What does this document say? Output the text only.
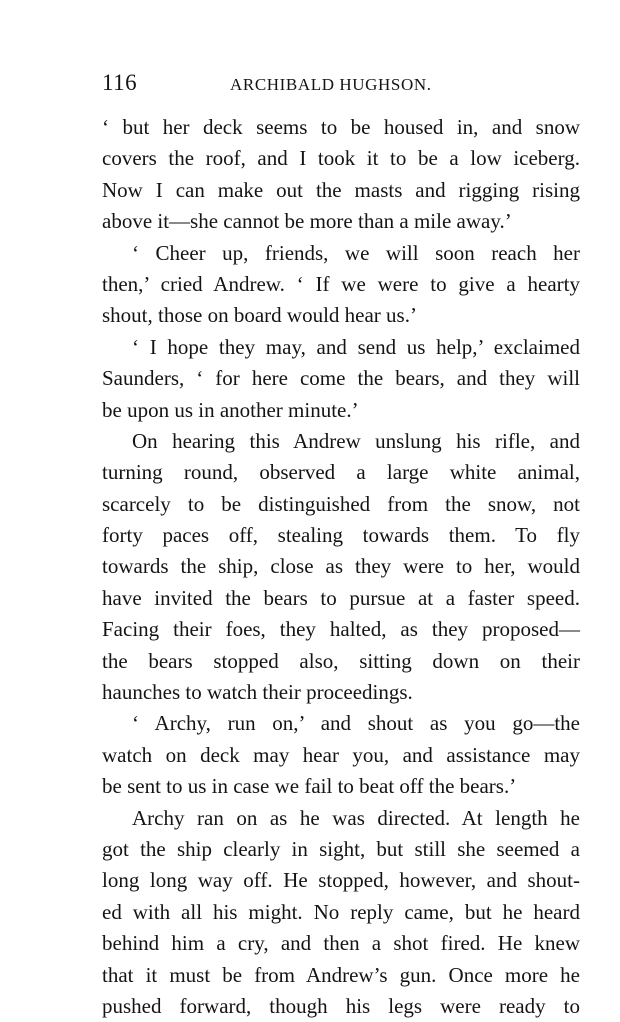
116	ARCHIBALD HUGHSON.
‘ but her deck seems to be housed in, and snow
covers the roof, and I took it to be a low iceberg.
Now I can make out the masts and rigging rising
above it—she cannot be more than a mile away.’
‘ Cheer up, friends, we will soon reach her
then,’ cried Andrew. ‘ If we were to give a hearty
shout, those on board would hear us.’
‘ I hope they may, and send us help,’ exclaimed
Saunders, ‘ for here come the bears, and they will
be upon us in another minute.’
On hearing this Andrew unslung his rifle, and
turning round, observed a large white animal,
scarcely to be distinguished from the snow, not
forty paces off, stealing towards them. To fly
towards the ship, close as they were to her, would
have invited the bears to pursue at a faster speed.
Facing their foes, they halted, as they proposed—
the bears stopped also, sitting down on their
haunches to watch their proceedings.
‘ Archy, run on,’ and shout as you go—the
watch on deck may hear you, and assistance may
be sent to us in case we fail to beat off the bears.’
Archy ran on as he was directed. At length he
got the ship clearly in sight, but still she seemed a
long long way off. He stopped, however, and shout-
ed with all his might. No reply came, but he heard
behind him a cry, and then a shot fired. He knew
that it must be from Andrew’s gun. Once more he
pushed forward, though his legs were ready to
